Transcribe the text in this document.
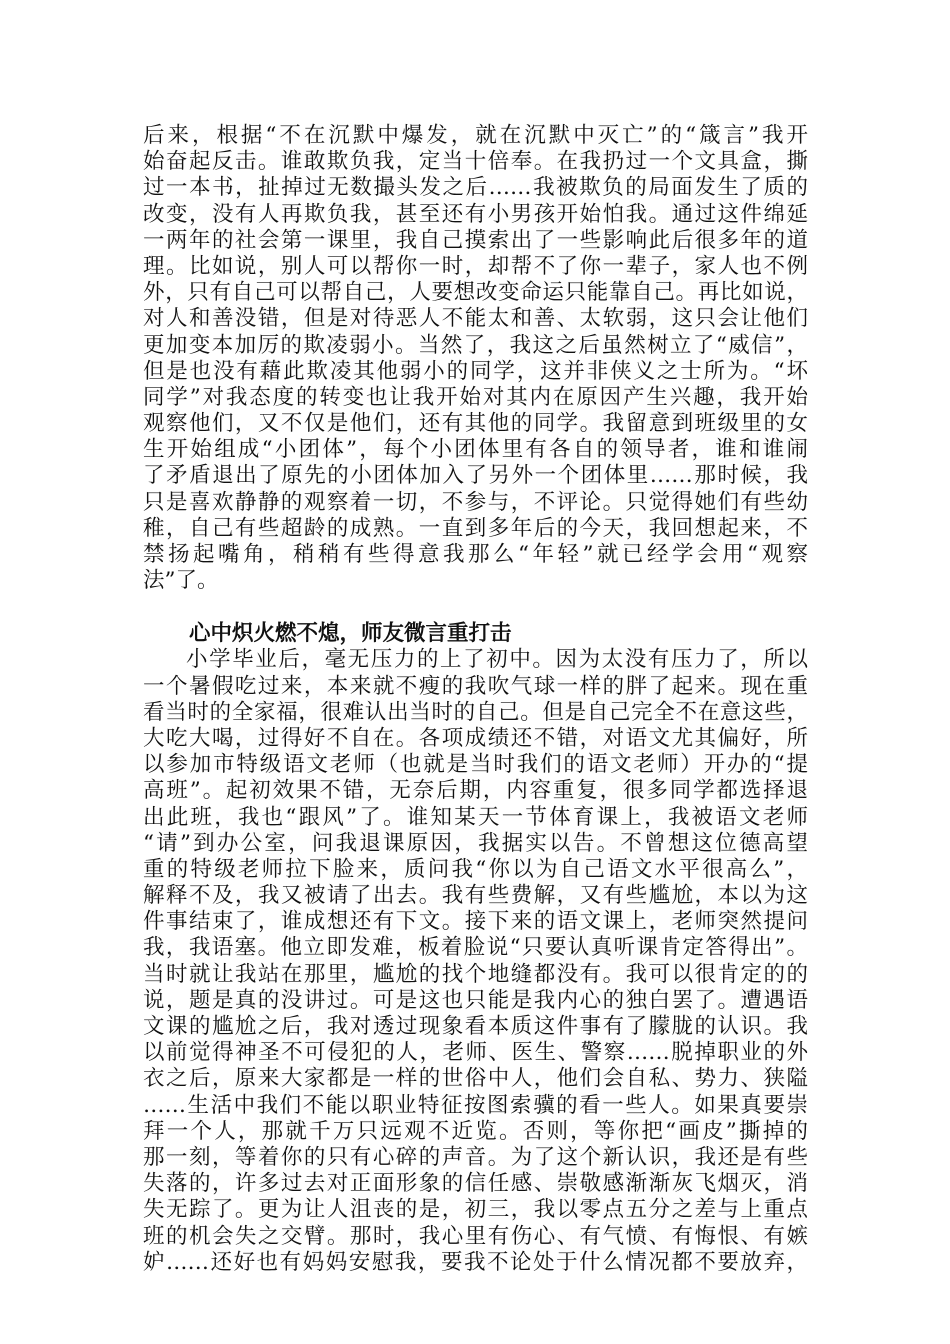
后来，根据“不在沉默中爆发，就在沉默中灭亡”的“箴言”我开
始奋起反击。谁敢欺负我，定当十倍奉。在我扔过一个文具盒，撕
过一本书，扯掉过无数撮头发之后……我被欺负的局面发生了质的
改变，没有人再欺负我，甚至还有小男孩开始怕我。通过这件绵延
一两年的社会第一课里，我自己摸索出了一些影响此后很多年的道
理。比如说，别人可以帮你一时，却帮不了你一辈子，家人也不例
外，只有自己可以帮自己，人要想改变命运只能靠自己。再比如说，
对人和善没错，但是对待恶人不能太和善、太软弱，这只会让他们
更加变本加厉的欺凌弱小。当然了，我这之后虽然树立了“威信”，
但是也没有藉此欺凌其他弱小的同学，这并非侠义之士所为。“坏
同学”对我态度的转变也让我开始对其内在原因产生兴趣，我开始
观察他们，又不仅是他们，还有其他的同学。我留意到班级里的女
生开始组成“小团体”，每个小团体里有各自的领导者，谁和谁闹
了矛盾退出了原先的小团体加入了另外一个团体里……那时候，我
只是喜欢静静的观察着一切，不参与，不评论。只觉得她们有些幼
稚，自己有些超龄的成熟。一直到多年后的今天，我回想起来，不
禁扬起嘴角，稍稍有些得意我那么“年轻”就已经学会用“观察
法”了。
心中炽火燃不熄，师友微言重打击
小学毕业后，毫无压力的上了初中。因为太没有压力了，所以
一个暑假吃过来，本来就不瘦的我吹气球一样的胖了起来。现在重
看当时的全家福，很难认出当时的自己。但是自己完全不在意这些，
大吃大喝，过得好不自在。各项成绩还不错，对语文尤其偏好，所
以参加市特级语文老师（也就是当时我们的语文老师）开办的“提
高班”。起初效果不错，无奈后期，内容重复，很多同学都选择退
出此班，我也“跟风”了。谁知某天一节体育课上，我被语文老师
“请”到办公室，问我退课原因，我据实以告。不曾想这位德高望
重的特级老师拉下脸来，质问我“你以为自己语文水平很高么”，
解释不及，我又被请了出去。我有些费解，又有些尴尬，本以为这
件事结束了，谁成想还有下文。接下来的语文课上，老师突然提问
我，我语塞。他立即发难，板着脸说“只要认真听课肯定答得出”。
当时就让我站在那里，尴尬的找个地缝都没有。我可以很肯定的的
说，题是真的没讲过。可是这也只能是我内心的独白罢了。遭遇语
文课的尴尬之后，我对透过现象看本质这件事有了朦胧的认识。我
以前觉得神圣不可侵犯的人，老师、医生、警察……脱掉职业的外
衣之后，原来大家都是一样的世俗中人，他们会自私、势力、狭隘
……生活中我们不能以职业特征按图索骥的看一些人。如果真要崇
拜一个人，那就千万只远观不近览。否则，等你把“画皮”撕掉的
那一刻，等着你的只有心碎的声音。为了这个新认识，我还是有些
失落的，许多过去对正面形象的信任感、崇敬感渐渐灰飞烟灭，消
失无踪了。更为让人沮丧的是，初三，我以零点五分之差与上重点
班的机会失之交臂。那时，我心里有伤心、有气愤、有悔恨、有嫉
妒……还好也有妈妈安慰我，要我不论处于什么情况都不要放弃，
